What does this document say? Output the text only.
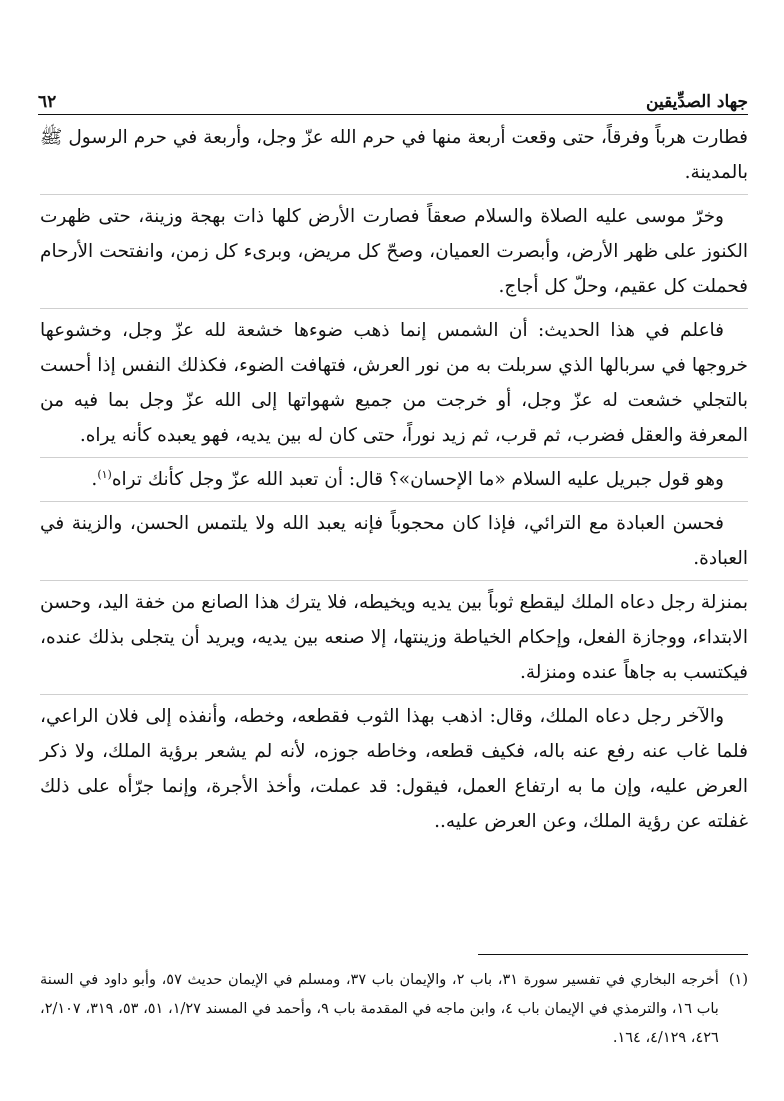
٦٢	جهاد الصدِّيقين

فطارت هرباً وفرقاً، حتى وقعت أربعة منها في حرم الله عزّ وجل، وأربعة في حرم الرسول ﷺ بالمدينة.

وخرّ موسى عليه الصلاة والسلام صعقاً فصارت الأرض كلها ذات بهجة وزينة، حتى ظهرت الكنوز على ظهر الأرض، وأبصرت العميان، وصحّ كل مريض، وبرىء كل زمن، وانفتحت الأرحام فحملت كل عقيم، وحلّ كل أجاج.

فاعلم في هذا الحديث: أن الشمس إنما ذهب ضوءها خشعة لله عزّ وجل، وخشوعها خروجها في سربالها الذي سربلت به من نور العرش، فتهافت الضوء، فكذلك النفس إذا أحست بالتجلي خشعت له عزّ وجل، أو خرجت من جميع شهواتها إلى الله عزّ وجل بما فيه من المعرفة والعقل فضرب، ثم قرب، ثم زيد نوراً، حتى كان له بين يديه، فهو يعبده كأنه يراه.

وهو قول جبريل عليه السلام «ما الإحسان»؟ قال: أن تعبد الله عزّ وجل كأنك تراه$^{(١)}$.

فحسن العبادة مع الترائي، فإذا كان محجوباً فإنه يعبد الله ولا يلتمس الحسن، والزينة في العبادة.

بمنزلة رجل دعاه الملك ليقطع ثوباً بين يديه ويخيطه، فلا يترك هذا الصانع من خفة اليد، وحسن الابتداء، ووجازة الفعل، وإحكام الخياطة وزينتها، إلا صنعه بين يديه، ويريد أن يتجلى بذلك عنده، فيكتسب به جاهاً عنده ومنزلة.

والآخر رجل دعاه الملك، وقال: اذهب بهذا الثوب فقطعه، وخطه، وأنفذه إلى فلان الراعي، فلما غاب عنه رفع عنه باله، فكيف قطعه، وخاطه جوزه، لأنه لم يشعر برؤية الملك، ولا ذكر العرض عليه، وإن ما به ارتفاع العمل، فيقول: قد عملت، وأخذ الأجرة، وإنما جرّأه على ذلك غفلته عن رؤية الملك، وعن العرض عليه..

(١)
أخرجه البخاري في تفسير سورة ٣١، باب ٢، والإيمان باب ٣٧، ومسلم في الإيمان حديث ٥٧، وأبو داود في السنة باب ١٦، والترمذي في الإيمان باب ٤، وابن ماجه في المقدمة باب ٩، وأحمد في المسند ١/٢٧، ٥١، ٥٣، ٣١٩، ٢/١٠٧، ٤٢٦، ٤/١٢٩، ١٦٤.
